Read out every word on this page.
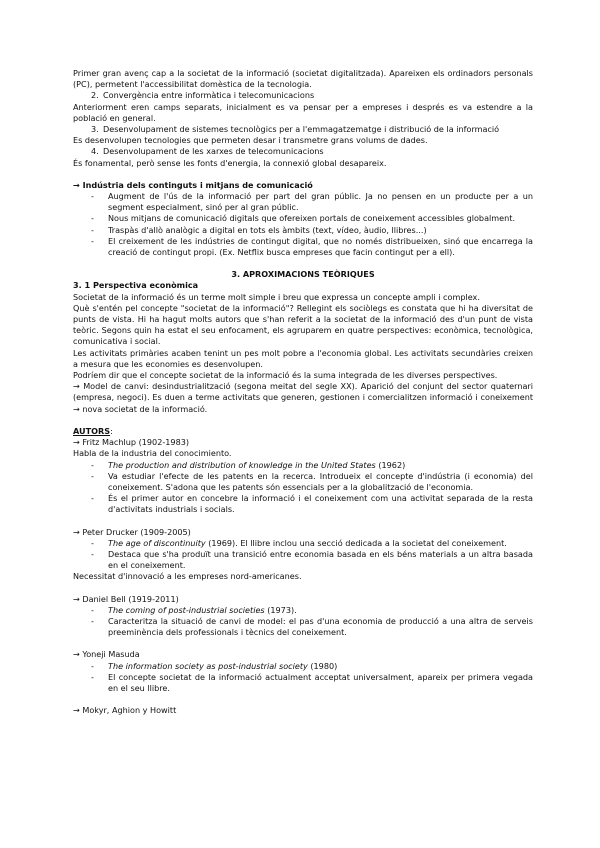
Primer gran avenç cap a la societat de la informació (societat digitalitzada). Apareixen els ordinadors personals (PC), permetent l'accessibilitat domèstica de la tecnologia.

2. Convergència entre informàtica i telecomunicacions

Anteriorment eren camps separats, inicialment es va pensar per a empreses i després es va estendre a la població en general.

3. Desenvolupament de sistemes tecnològics per a l'emmagatzematge i distribució de la informació

Es desenvolupen tecnologies que permeten desar i transmetre grans volums de dades.

4. Desenvolupament de les xarxes de telecomunicacions

És fonamental, però sense les fonts d'energia, la connexió global desapareix.

→ Indústria dels continguts i mitjans de comunicació

-	Augment de l'ús de la informació per part del gran públic. Ja no pensen en un producte per a un segment especialment, sinó per al gran públic.
-	Nous mitjans de comunicació digitals que ofereixen portals de coneixement accessibles globalment.
-	Traspàs d'allò analògic a digital en tots els àmbits (text, vídeo, àudio, llibres...)
-	El creixement de les indústries de contingut digital, que no només distribueixen, sinó que encarrega la creació de contingut propi. (Ex. Netflix busca empreses que facin contingut per a ell).

3. APROXIMACIONS TEÒRIQUES

3. 1 Perspectiva econòmica

Societat de la informació és un terme molt simple i breu que expressa un concepte ampli i complex.

Què s'entén pel concepte "societat de la informació"? Rellegint els sociòlegs es constata que hi ha diversitat de punts de vista. Hi ha hagut molts autors que s'han referit a la societat de la informació des d'un punt de vista teòric. Segons quin ha estat el seu enfocament, els agruparem en quatre perspectives: econòmica, tecnològica, comunicativa i social.

Les activitats primàries acaben tenint un pes molt pobre a l'economia global. Les activitats secundàries creixen a mesura que les economies es desenvolupen.

Podríem dir que el concepte societat de la informació és la suma integrada de les diverses perspectives.

→ Model de canvi: desindustrialització (segona meitat del segle XX). Aparició del conjunt del sector quaternari (empresa, negoci). Es duen a terme activitats que generen, gestionen i comercialitzen informació i coneixement → nova societat de la informació.

AUTORS:

→ Fritz Machlup (1902-1983)

Habla de la industria del conocimiento.

-	The production and distribution of knowledge in the United States (1962)
-	Va estudiar l'efecte de les patents en la recerca. Introdueix el concepte d'indústria (i economia) del coneixement. S'adona que les patents són essencials per a la globalització de l'economia.
-	És el primer autor en concebre la informació i el coneixement com una activitat separada de la resta d'activitats industrials i socials.

→ Peter Drucker (1909-2005)

-	The age of discontinuity (1969). El llibre inclou una secció dedicada a la societat del coneixement.
-	Destaca que s'ha produït una transició entre economia basada en els béns materials a un altra basada en el coneixement.

Necessitat d'innovació a les empreses nord-americanes.

→ Daniel Bell (1919-2011)

-	The coming of post-industrial societies (1973).
-	Caracteritza la situació de canvi de model: el pas d'una economia de producció a una altra de serveis preeminència dels professionals i tècnics del coneixement.

→ Yoneji Masuda

-	The information society as post-industrial society (1980)
-	El concepte societat de la informació actualment acceptat universalment, apareix per primera vegada en el seu llibre.

→ Mokyr, Aghion y Howitt
